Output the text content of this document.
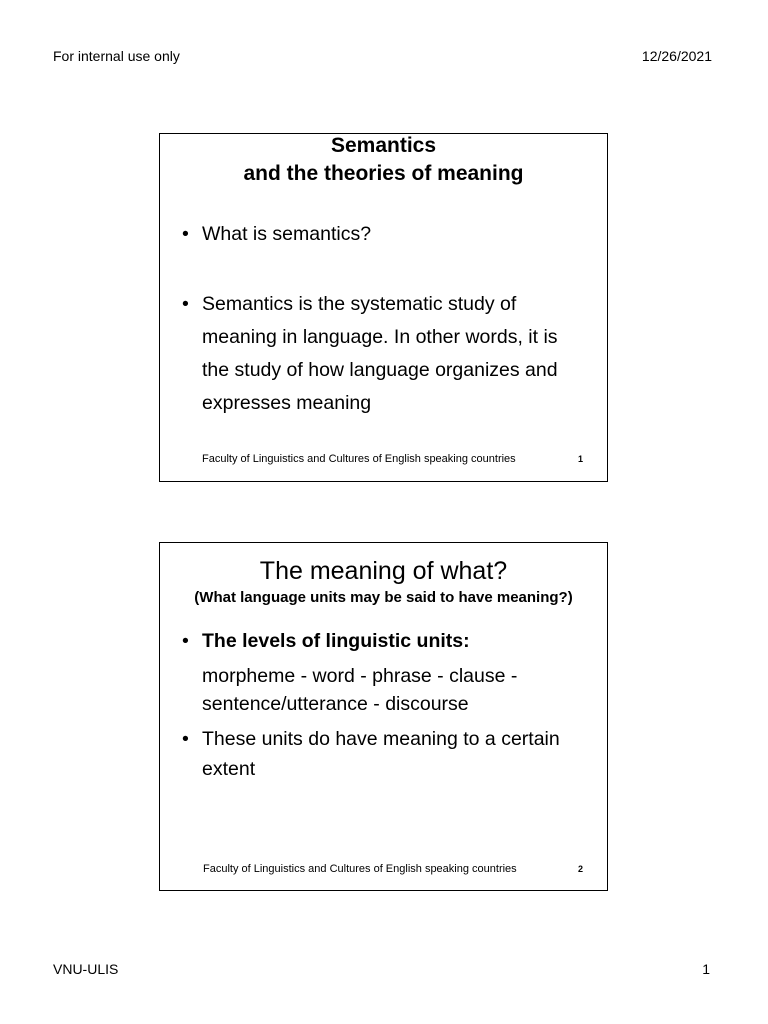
For internal use only	12/26/2021
Semantics
and the theories of meaning
• What is semantics?
• Semantics is the systematic study of
meaning in language. In other words, it is
the study of how language organizes and
expresses meaning
Faculty of Linguistics and Cultures of English speaking countries	1
The meaning of what?
(What language units may be said to have meaning?)
• The levels of linguistic units:
morpheme - word - phrase - clause -
sentence/utterance - discourse
• These units do have meaning to a certain
extent
Faculty of Linguistics and Cultures of English speaking countries	2
VNU-ULIS	1
